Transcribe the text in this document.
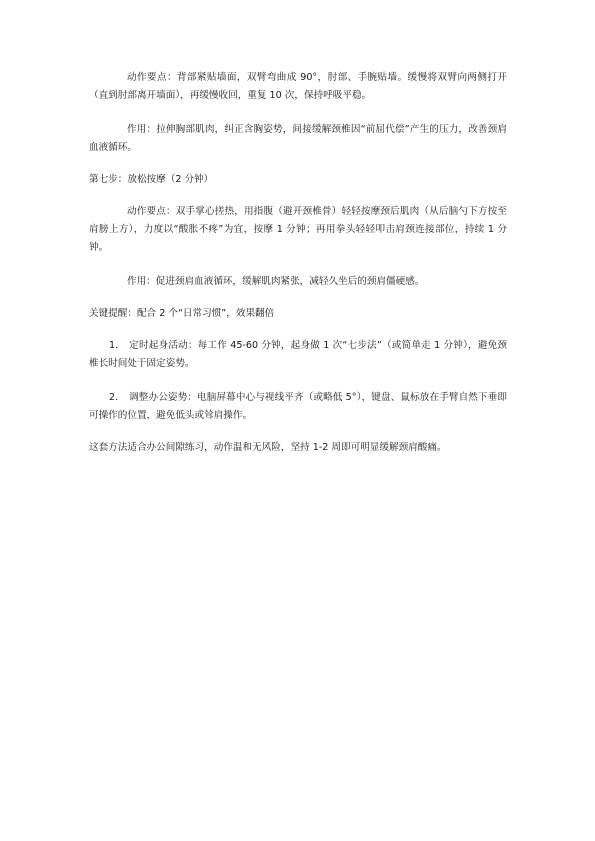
动作要点：背部紧贴墙面，双臂弯曲成 90°，肘部、手腕贴墙。缓慢将双臂向两侧打开（直到肘部离开墙面），再缓慢收回，重复 10 次，保持呼吸平稳。

作用：拉伸胸部肌肉，纠正含胸姿势，间接缓解颈椎因“前屈代偿”产生的压力，改善颈肩血液循环。

第七步：放松按摩（2 分钟）

动作要点：双手掌心搓热，用指腹（避开颈椎骨）轻轻按摩颈后肌肉（从后脑勺下方按至肩膀上方），力度以“酸胀不疼”为宜，按摩 1 分钟；再用拳头轻轻叩击肩颈连接部位，持续 1 分钟。

作用：促进颈肩血液循环，缓解肌肉紧张，减轻久坐后的颈肩僵硬感。

关键提醒：配合 2 个“日常习惯”，效果翻倍

1. 定时起身活动：每工作 45-60 分钟，起身做 1 次“七步法”（或简单走 1 分钟），避免颈椎长时间处于固定姿势。

2. 调整办公姿势：电脑屏幕中心与视线平齐（或略低 5°），键盘、鼠标放在手臂自然下垂即可操作的位置，避免低头或耸肩操作。

这套方法适合办公间隙练习，动作温和无风险，坚持 1-2 周即可明显缓解颈肩酸痛。
